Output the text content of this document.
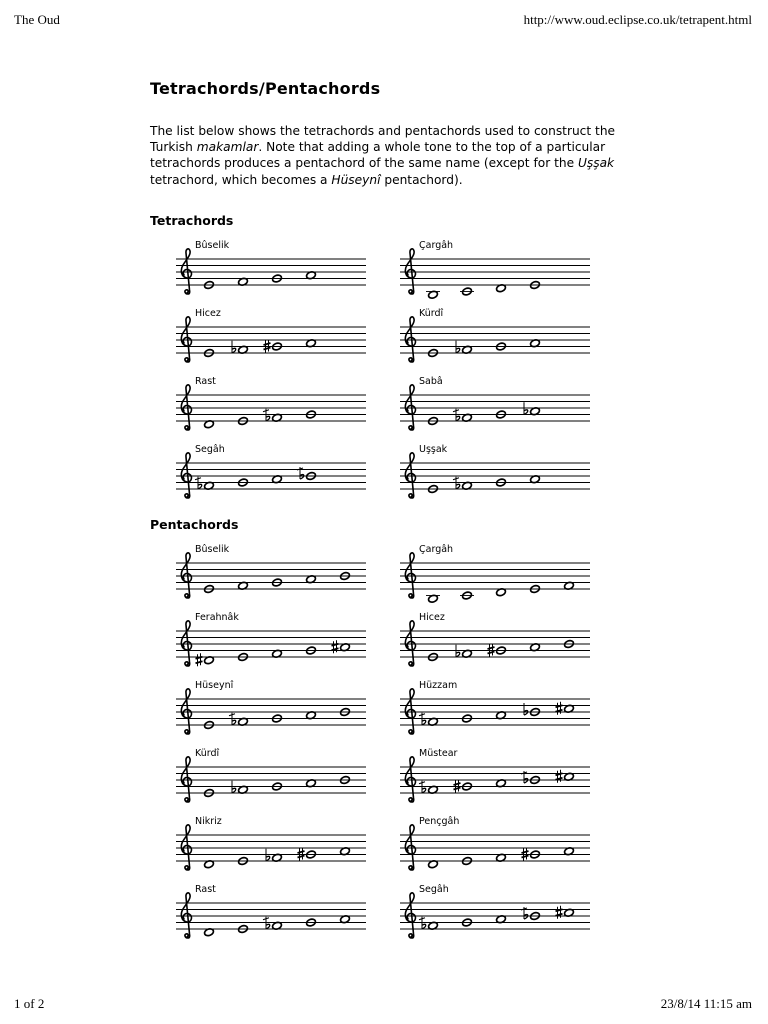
The Oud	http://www.oud.eclipse.co.uk/tetrapent.html
Tetrachords/Pentachords

The list below shows the tetrachords and pentachords used to construct the Turkish makamlar. Note that adding a whole tone to the top of a particular tetrachords produces a pentachord of the same name (except for the Uşşak tetrachord, which becomes a Hüseynî pentachord).

Tetrachords
Bûselik	Çargâh
Hicez	Kürdî
Rast	Sabâ
Segâh	Uşşak
Pentachords
Bûselik	Çargâh
Ferahnâk	Hicez
Hüseynî	Hüzzam
Kürdî	Müstear
Nikriz	Pençgâh
Rast	Segâh
1 of 2	23/8/14 11:15 am
